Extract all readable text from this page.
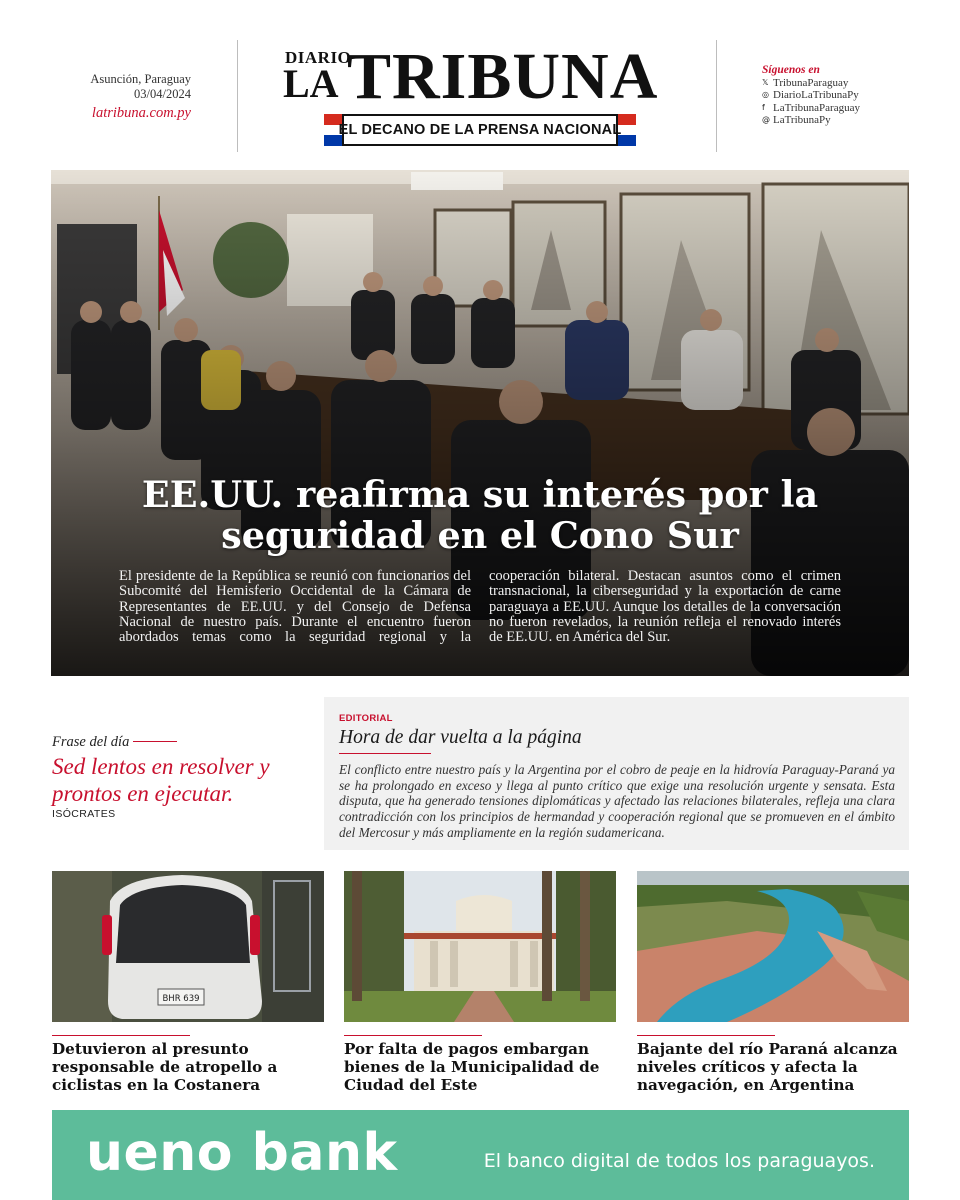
Asunción, Paraguay
03/04/2024
latribuna.com.py
DIARIO
LA TRIBUNA
EL DECANO DE LA PRENSA NACIONAL
Síguenos en
𝕏 TribunaParaguay
◎ DiarioLaTribunaPy
f LaTribunaParaguay
@ LaTribunaPy
EE.UU. reafirma su interés por la seguridad en el Cono Sur
El presidente de la República se reunió con funcionarios del Subcomité del Hemisferio Occidental de la Cámara de Representantes de EE.UU. y del Consejo de Defensa Nacional de nuestro país. Durante el encuentro fueron abordados temas como la seguridad regional y la cooperación bilateral. Destacan asuntos como el crimen transnacional, la ciberseguridad y la exportación de carne paraguaya a EE.UU. Aunque los detalles de la conversación no fueron revelados, la reunión refleja el renovado interés de EE.UU. en América del Sur.
Frase del día
Sed lentos en resolver y prontos en ejecutar.
ISÓCRATES
EDITORIAL
Hora de dar vuelta a la página
El conflicto entre nuestro país y la Argentina por el cobro de peaje en la hidrovía Paraguay-Paraná ya se ha prolongado en exceso y llega al punto crítico que exige una resolución urgente y sensata. Esta disputa, que ha generado tensiones diplomáticas y afectado las relaciones bilaterales, refleja una clara contradicción con los principios de hermandad y cooperación regional que se promueven en el ámbito del Mercosur y más ampliamente en la región sudamericana.
BHR 639
Detuvieron al presunto responsable de atropello a ciclistas en la Costanera
Por falta de pagos embargan bienes de la Municipalidad de Ciudad del Este
Bajante del río Paraná alcanza niveles críticos y afecta la navegación, en Argentina
ueno bank	El banco digital de todos los paraguayos.
